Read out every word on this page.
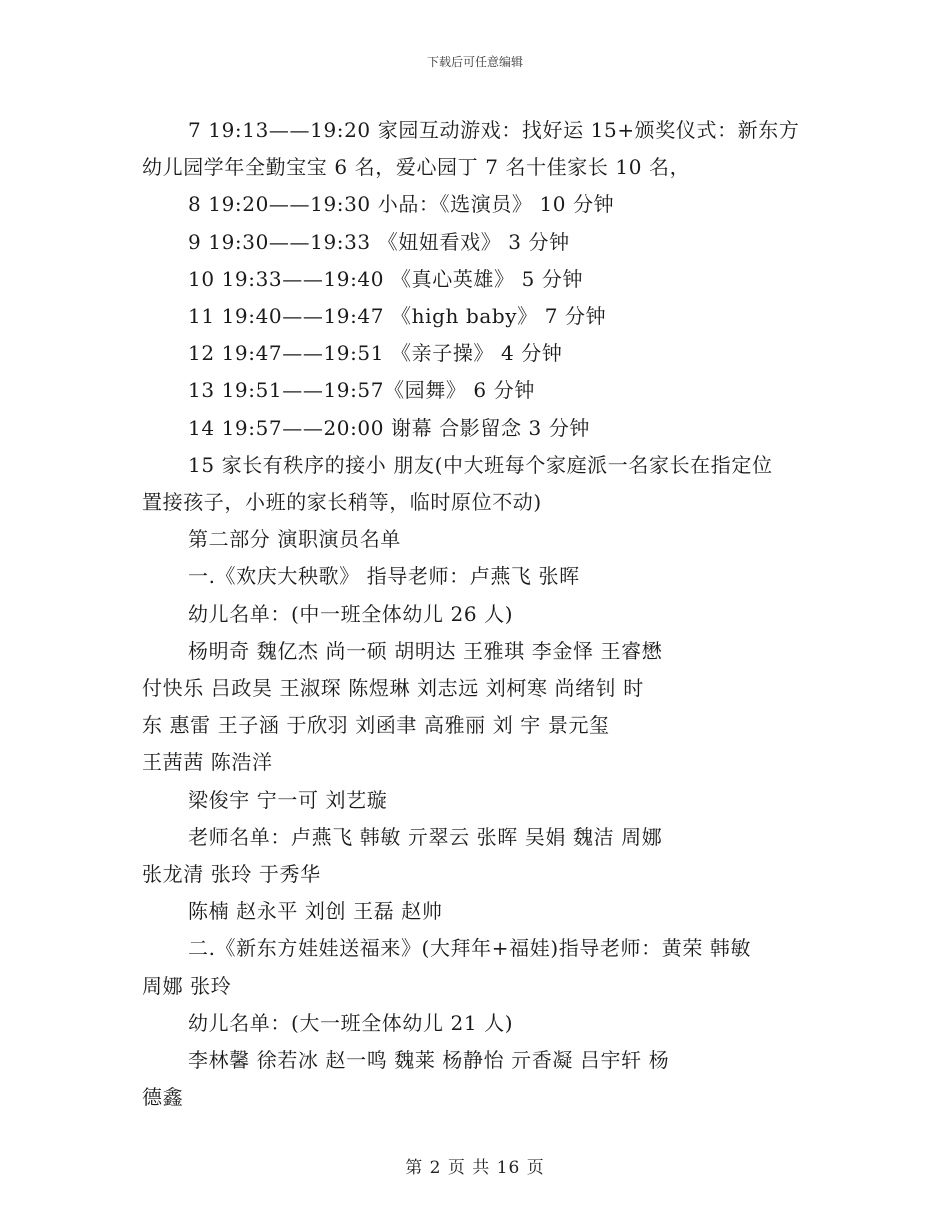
下载后可任意编辑
7 19:13——19:20 家园互动游戏：找好运 15+颁奖仪式：新东方
幼儿园学年全勤宝宝 6 名，爱心园丁 7 名十佳家长 10 名，
8 19:20——19:30 小品：《选演员》 10 分钟
9 19:30——19:33 《妞妞看戏》 3 分钟
10 19:33——19:40 《真心英雄》 5 分钟
11 19:40——19:47 《high baby》 7 分钟
12 19:47——19:51 《亲子操》 4 分钟
13 19:51——19:57《园舞》 6 分钟
14 19:57——20:00 谢幕 合影留念 3 分钟
15 家长有秩序的接小 朋友(中大班每个家庭派一名家长在指定位
置接孩子，小班的家长稍等，临时原位不动)
第二部分 演职演员名单
一.《欢庆大秧歌》 指导老师：卢燕飞 张晖
幼儿名单：(中一班全体幼儿 26 人)
杨明奇 魏亿杰 尚一硕 胡明达 王雅琪 李金怿 王睿懋
付快乐 吕政昊 王淑琛 陈煜琳 刘志远 刘柯寒 尚绪钊 时
东 惠雷 王子涵 于欣羽 刘函聿 高雅丽 刘 宇 景元玺
王茜茜 陈浩洋
梁俊宇 宁一可 刘艺璇
老师名单：卢燕飞 韩敏 亓翠云 张晖 吴娟 魏洁 周娜
张龙清 张玲 于秀华
陈楠 赵永平 刘创 王磊 赵帅
二.《新东方娃娃送福来》(大拜年+福娃)指导老师：黄荣 韩敏
周娜 张玲
幼儿名单：(大一班全体幼儿 21 人)
李林馨 徐若冰 赵一鸣 魏莱 杨静怡 亓香凝 吕宇轩 杨
德鑫
第 2 页 共 16 页
